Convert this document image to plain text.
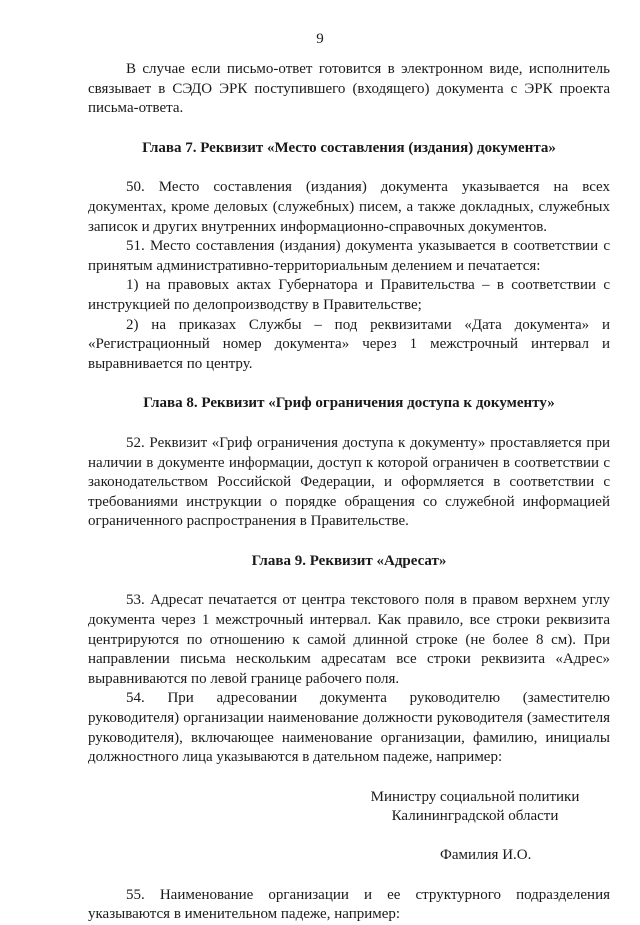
9

В случае если письмо-ответ готовится в электронном виде, исполнитель связывает в СЭДО ЭРК поступившего (входящего) документа с ЭРК проекта письма-ответа.

Глава 7. Реквизит «Место составления (издания) документа»

50. Место составления (издания) документа указывается на всех документах, кроме деловых (служебных) писем, а также докладных, служебных записок и других внутренних информационно-справочных документов.

51. Место составления (издания) документа указывается в соответствии с принятым административно-территориальным делением и печатается:

1) на правовых актах Губернатора и Правительства – в соответствии с инструкцией по делопроизводству в Правительстве;

2) на приказах Службы – под реквизитами «Дата документа» и «Регистрационный номер документа» через 1 межстрочный интервал и выравнивается по центру.

Глава 8. Реквизит «Гриф ограничения доступа к документу»

52. Реквизит «Гриф ограничения доступа к документу» проставляется при наличии в документе информации, доступ к которой ограничен в соответствии с законодательством Российской Федерации, и оформляется в соответствии с требованиями инструкции о порядке обращения со служебной информацией ограниченного распространения в Правительстве.

Глава 9. Реквизит «Адресат»

53. Адресат печатается от центра текстового поля в правом верхнем углу документа через 1 межстрочный интервал. Как правило, все строки реквизита центрируются по отношению к самой длинной строке (не более 8 см). При направлении письма нескольким адресатам все строки реквизита «Адрес» выравниваются по левой границе рабочего поля.

54. При адресовании документа руководителю (заместителю руководителя) организации наименование должности руководителя (заместителя руководителя), включающее наименование организации, фамилию, инициалы должностного лица указываются в дательном падеже, например:

Министру социальной политики
Калининградской области
Фамилия И.О.

55. Наименование организации и ее структурного подразделения указываются в именительном падеже, например:
